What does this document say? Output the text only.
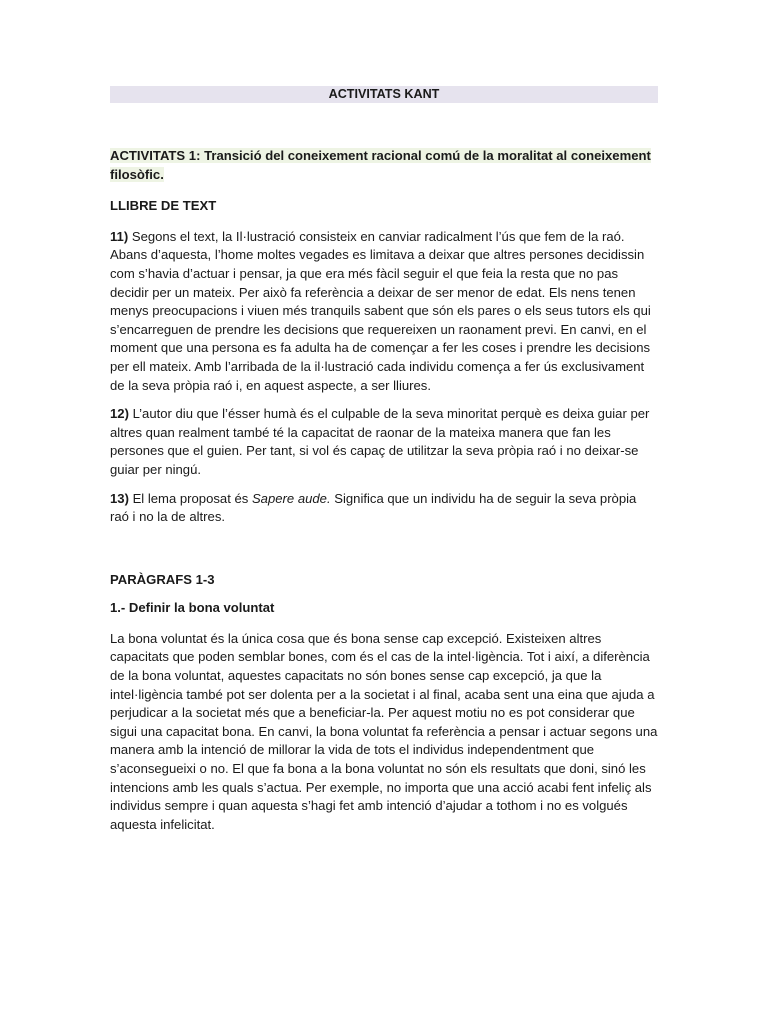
ACTIVITATS KANT

ACTIVITATS 1: Transició del coneixement racional comú de la moralitat al coneixement filosòfic.

LLIBRE DE TEXT

11) Segons el text, la Il·lustració consisteix en canviar radicalment l’ús que fem de la raó. Abans d’aquesta, l’home moltes vegades es limitava a deixar que altres persones decidissin com s’havia d’actuar i pensar, ja que era més fàcil seguir el que feia la resta que no pas decidir per un mateix. Per això fa referència a deixar de ser menor de edat. Els nens tenen menys preocupacions i viuen més tranquils sabent que són els pares o els seus tutors els qui s’encarreguen de prendre les decisions que requereixen un raonament previ. En canvi, en el moment que una persona es fa adulta ha de començar a fer les coses i prendre les decisions per ell mateix. Amb l’arribada de la il·lustració cada individu comença a fer ús exclusivament de la seva pròpia raó i, en aquest aspecte, a ser lliures.

12) L’autor diu que l’ésser humà és el culpable de la seva minoritat perquè es deixa guiar per altres quan realment també té la capacitat de raonar de la mateixa manera que fan les persones que el guien. Per tant, si vol és capaç de utilitzar la seva pròpia raó i no deixar-se guiar per ningú.

13) El lema proposat és Sapere aude. Significa que un individu ha de seguir la seva pròpia raó i no la de altres.

PARÀGRAFS 1-3

1.- Definir la bona voluntat

La bona voluntat és la única cosa que és bona sense cap excepció. Existeixen altres capacitats que poden semblar bones, com és el cas de la intel·ligència. Tot i així, a diferència de la bona voluntat, aquestes capacitats no són bones sense cap excepció, ja que la intel·ligència també pot ser dolenta per a la societat i al final, acaba sent una eina que ajuda a perjudicar a la societat més que a beneficiar-la. Per aquest motiu no es pot considerar que sigui una capacitat bona. En canvi, la bona voluntat fa referència a pensar i actuar segons una manera amb la intenció de millorar la vida de tots el individus independentment que s’aconsegueixi o no. El que fa bona a la bona voluntat no són els resultats que doni, sinó les intencions amb les quals s’actua. Per exemple, no importa que una acció acabi fent infeliç als individus sempre i quan aquesta s’hagi fet amb intenció d’ajudar a tothom i no es volgués aquesta infelicitat.
